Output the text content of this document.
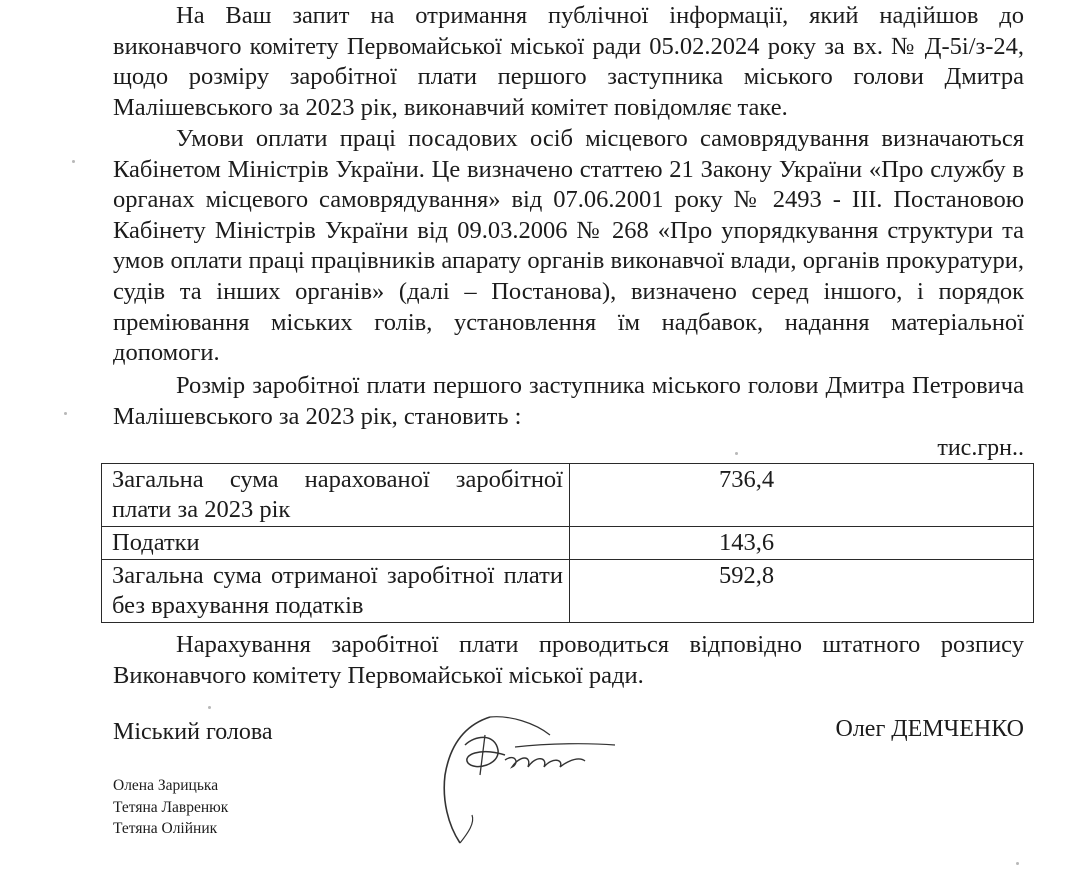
На Ваш запит на отримання публічної інформації, який надійшов до виконавчого комітету Первомайської міської ради 05.02.2024 року за вх. № Д-5і/з-24, щодо розміру заробітної плати першого заступника міського голови Дмитра Малішевського за 2023 рік, виконавчий комітет повідомляє таке.

Умови оплати праці посадових осіб місцевого самоврядування визначаються Кабінетом Міністрів України. Це визначено статтею 21 Закону України «Про службу в органах місцевого самоврядування» від 07.06.2001 року № 2493 - ІІІ. Постановою Кабінету Міністрів України від 09.03.2006 № 268 «Про упорядкування структури та умов оплати праці працівників апарату органів виконавчої влади, органів прокуратури, судів та інших органів» (далі – Постанова), визначено серед іншого, і порядок преміювання міських голів, установлення їм надбавок, надання матеріальної допомоги.

Розмір заробітної плати першого заступника міського голови Дмитра Петровича Малішевського за 2023 рік, становить :

тис.грн..
Загальна сума нарахованої заробітної плати за 2023 рік	736,4
Податки	143,6
Загальна сума отриманої заробітної плати без врахування податків	592,8

Нарахування заробітної плати проводиться відповідно штатного розпису Виконавчого комітету Первомайської міської ради.

Міський голова	Олег ДЕМЧЕНКО
Олена Зарицька
Тетяна Лавренюк
Тетяна Олійник
